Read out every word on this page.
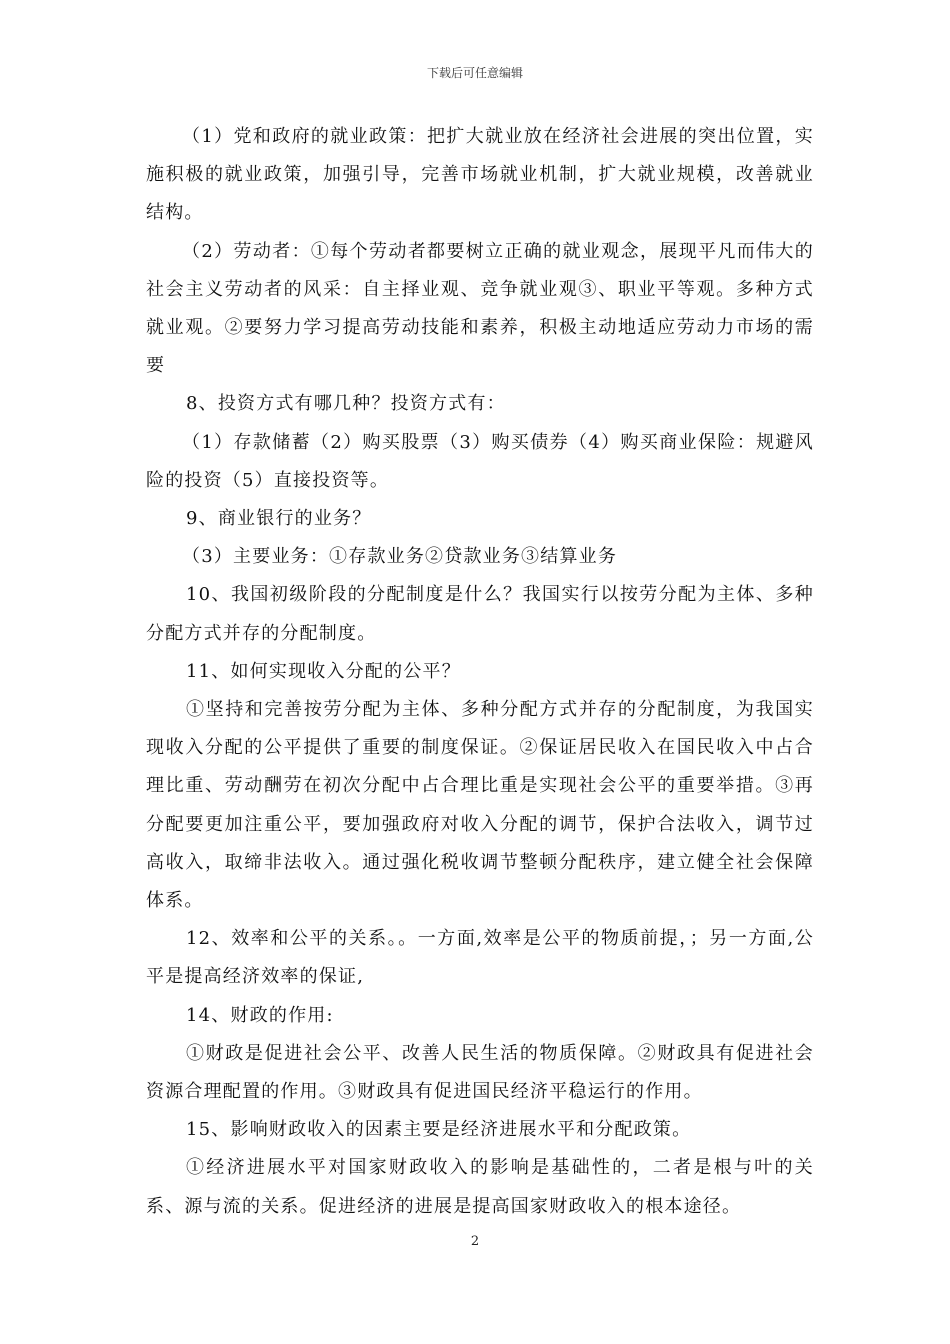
下载后可任意编辑

（1）党和政府的就业政策：把扩大就业放在经济社会进展的突出位置，实施积极的就业政策，加强引导，完善市场就业机制，扩大就业规模，改善就业结构。

（2）劳动者：①每个劳动者都要树立正确的就业观念，展现平凡而伟大的社会主义劳动者的风采：自主择业观、竞争就业观③、职业平等观。多种方式就业观。②要努力学习提高劳动技能和素养，积极主动地适应劳动力市场的需要

8、投资方式有哪几种？投资方式有：

（1）存款储蓄（2）购买股票（3）购买债券（4）购买商业保险：规避风险的投资（5）直接投资等。

9、商业银行的业务？

（3）主要业务：①存款业务②贷款业务③结算业务

10、我国初级阶段的分配制度是什么？我国实行以按劳分配为主体、多种分配方式并存的分配制度。

11、如何实现收入分配的公平？

①坚持和完善按劳分配为主体、多种分配方式并存的分配制度，为我国实现收入分配的公平提供了重要的制度保证。②保证居民收入在国民收入中占合理比重、劳动酬劳在初次分配中占合理比重是实现社会公平的重要举措。③再分配要更加注重公平，要加强政府对收入分配的调节，保护合法收入，调节过高收入，取缔非法收入。通过强化税收调节整顿分配秩序，建立健全社会保障体系。

12、效率和公平的关系。。一方面,效率是公平的物质前提，；另一方面,公平是提高经济效率的保证,

14、财政的作用:

①财政是促进社会公平、改善人民生活的物质保障。②财政具有促进社会资源合理配置的作用。③财政具有促进国民经济平稳运行的作用。

15、影响财政收入的因素主要是经济进展水平和分配政策。

①经济进展水平对国家财政收入的影响是基础性的，二者是根与叶的关系、源与流的关系。促进经济的进展是提高国家财政收入的根本途径。

2
